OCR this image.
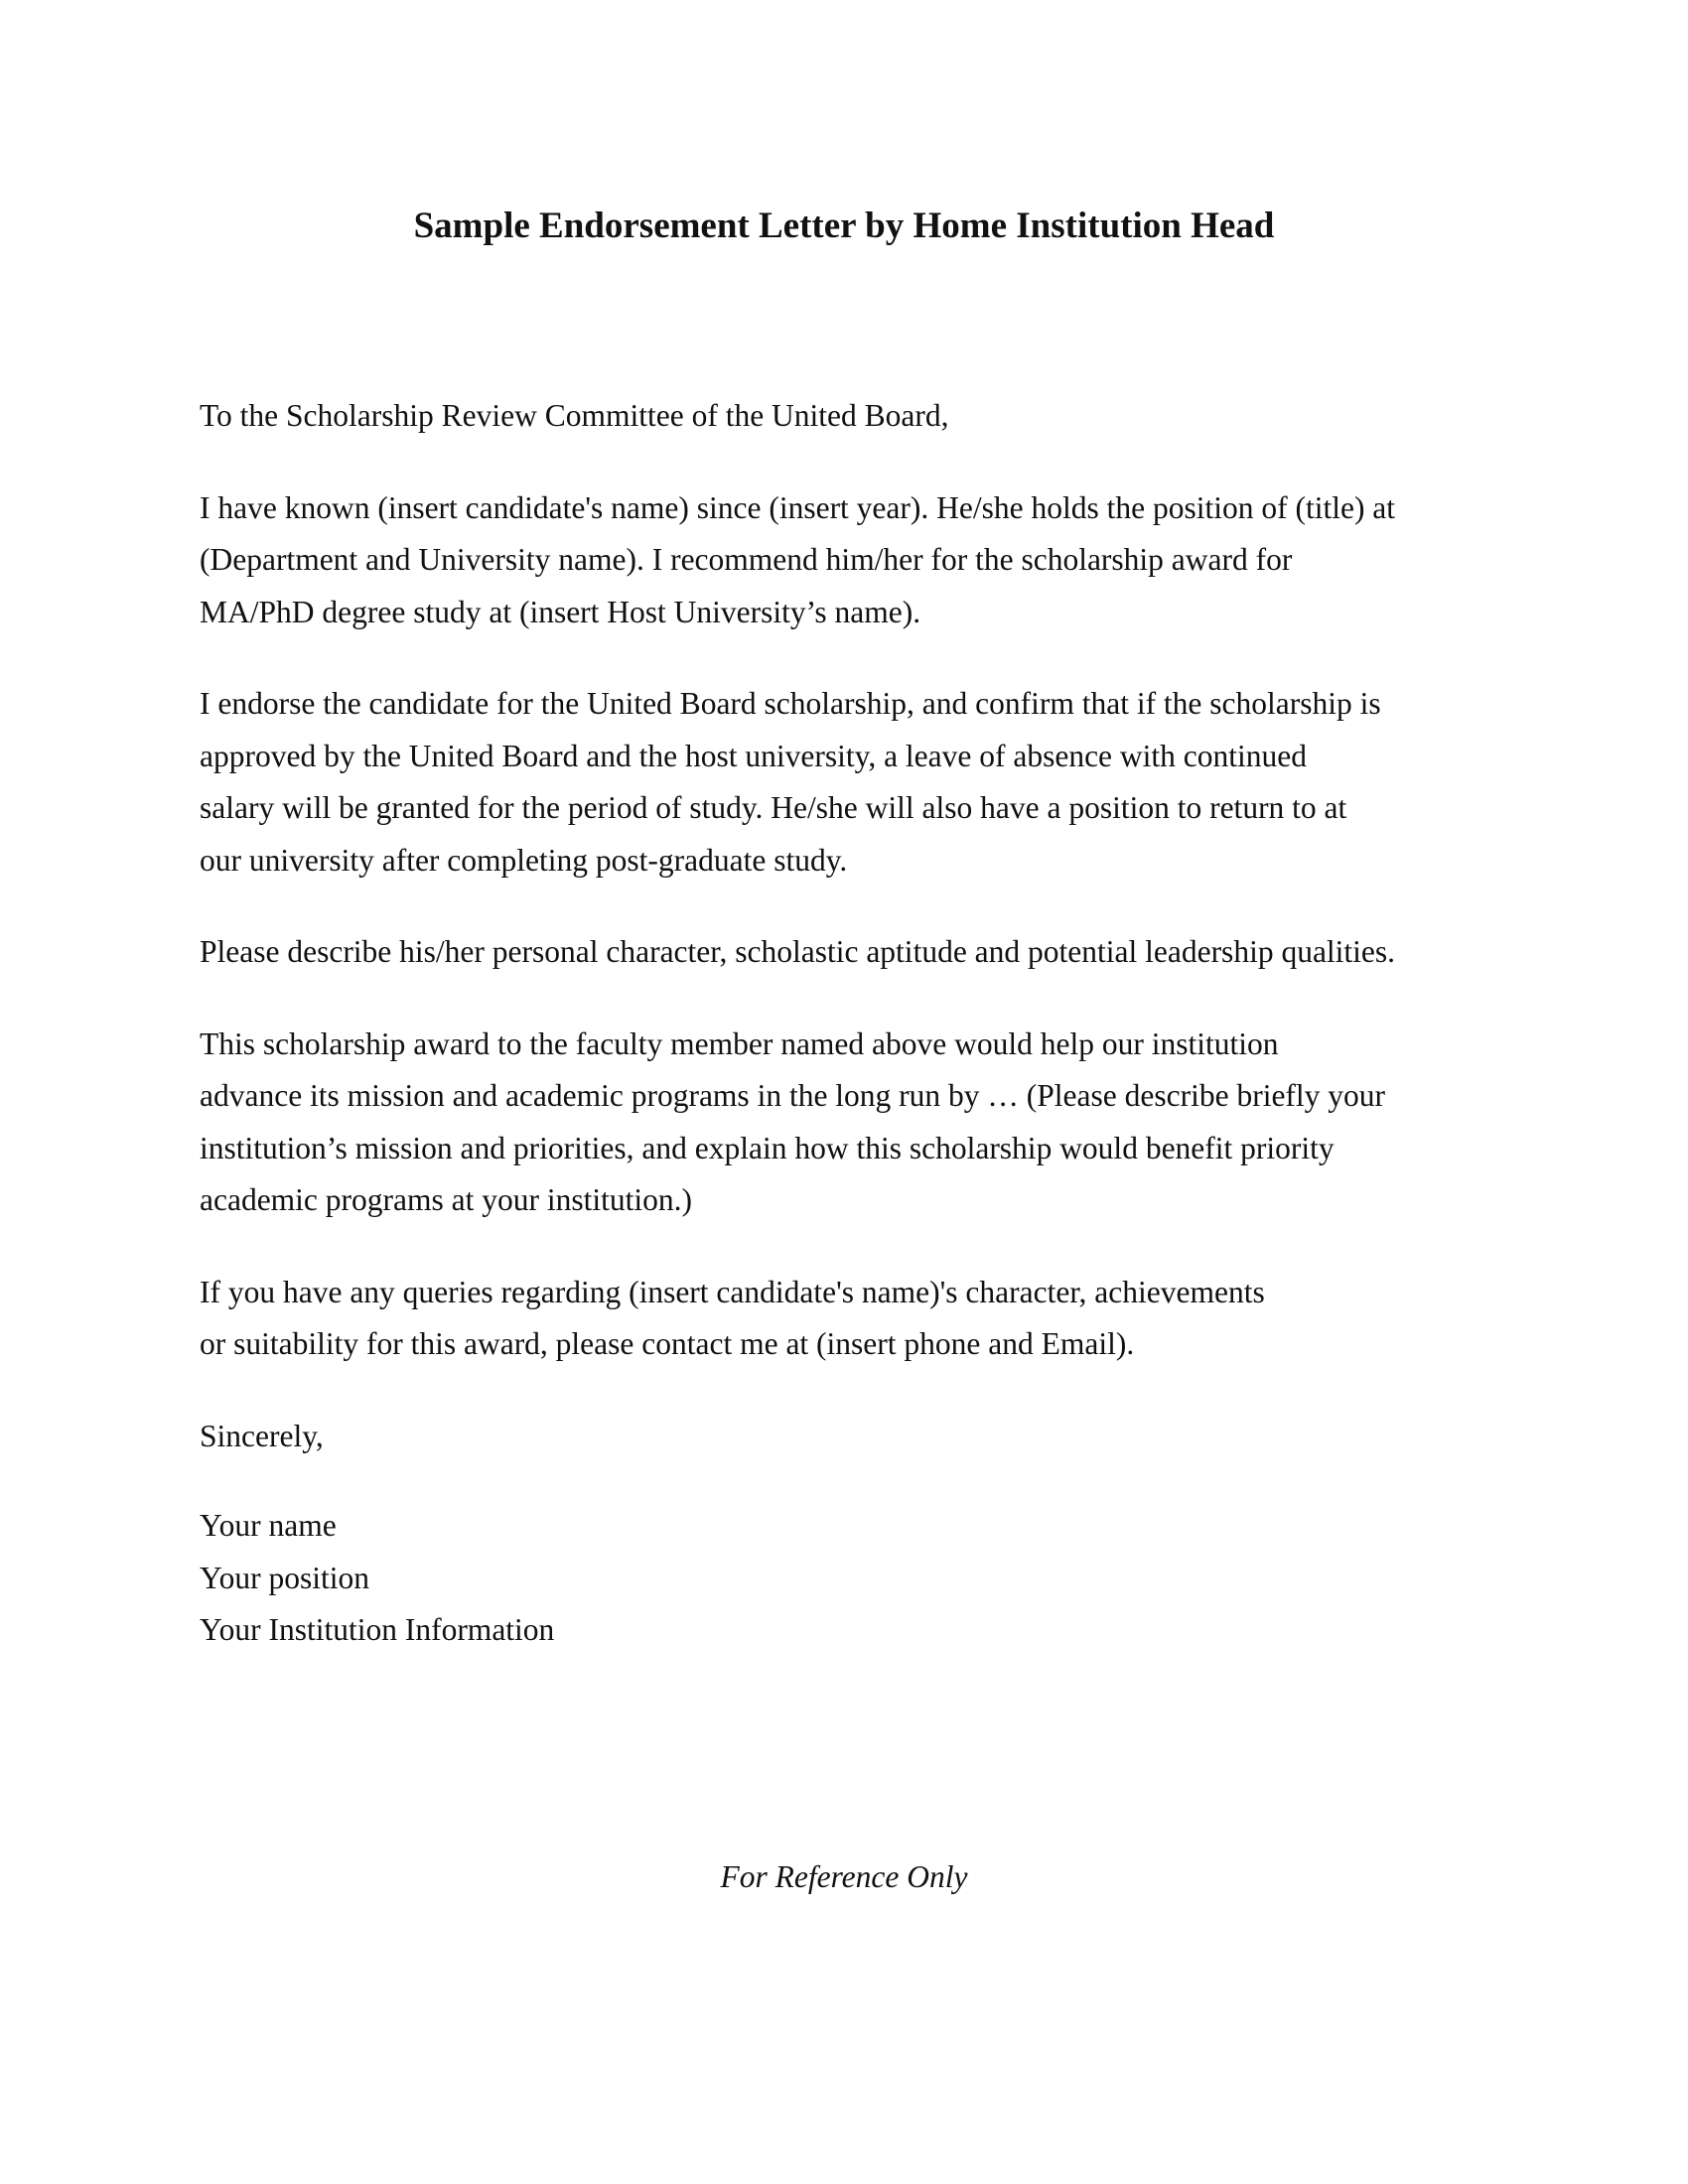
Sample Endorsement Letter by Home Institution Head

To the Scholarship Review Committee of the United Board,

I have known (insert candidate's name) since (insert year). He/she holds the position of (title) at
(Department and University name). I recommend him/her for the scholarship award for
MA/PhD degree study at (insert Host University’s name).

I endorse the candidate for the United Board scholarship, and confirm that if the scholarship is
approved by the United Board and the host university, a leave of absence with continued
salary will be granted for the period of study. He/she will also have a position to return to at
our university after completing post-graduate study.

Please describe his/her personal character, scholastic aptitude and potential leadership qualities.

This scholarship award to the faculty member named above would help our institution
advance its mission and academic programs in the long run by … (Please describe briefly your
institution’s mission and priorities, and explain how this scholarship would benefit priority
academic programs at your institution.)

If you have any queries regarding (insert candidate's name)'s character, achievements
or suitability for this award, please contact me at (insert phone and Email).

Sincerely,

Your name
Your position
Your Institution Information

For Reference Only
